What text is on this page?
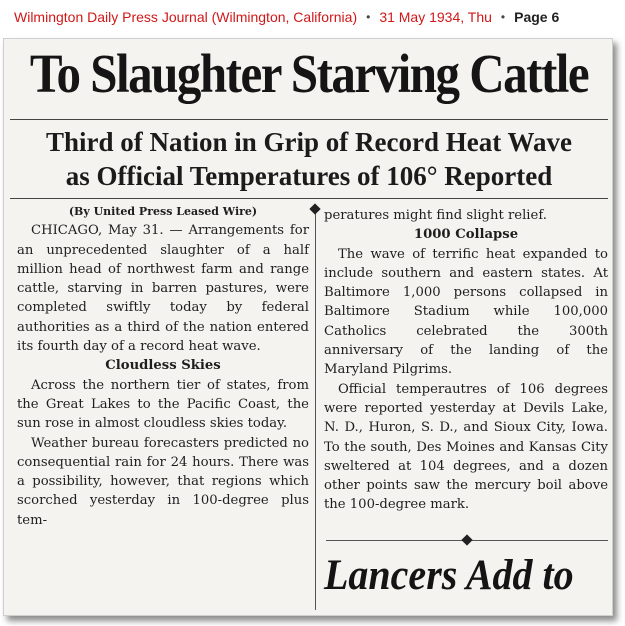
Wilmington Daily Press Journal (Wilmington, California) • 31 May 1934, Thu • Page 6
To Slaughter Starving Cattle
Third of Nation in Grip of Record Heat Wave
as Official Temperatures of 106° Reported

(By United Press Leased Wire)

CHICAGO, May 31. — Arrangements for an unprecedented slaughter of a half million head of northwest farm and range cattle, starving in barren pastures, were completed swiftly today by federal authorities as a third of the nation entered its fourth day of a record heat wave.

Cloudless Skies

Across the northern tier of states, from the Great Lakes to the Pacific Coast, the sun rose in almost cloudless skies today.

Weather bureau forecasters predicted no consequential rain for 24 hours. There was a possibility, however, that regions which scorched yesterday in 100-degree plus tem-

peratures might find slight relief.

1000 Collapse

The wave of terrific heat expanded to include southern and eastern states. At Baltimore 1,000 persons collapsed in Baltimore Stadium while 100,000 Catholics celebrated the 300th anniversary of the landing of the Maryland Pilgrims.

Official temperautres of 106 degrees were reported yesterday at Devils Lake, N. D., Huron, S. D., and Sioux City, Iowa. To the south, Des Moines and Kansas City sweltered at 104 degrees, and a dozen other points saw the mercury boil above the 100-degree mark.

Lancers Add to
